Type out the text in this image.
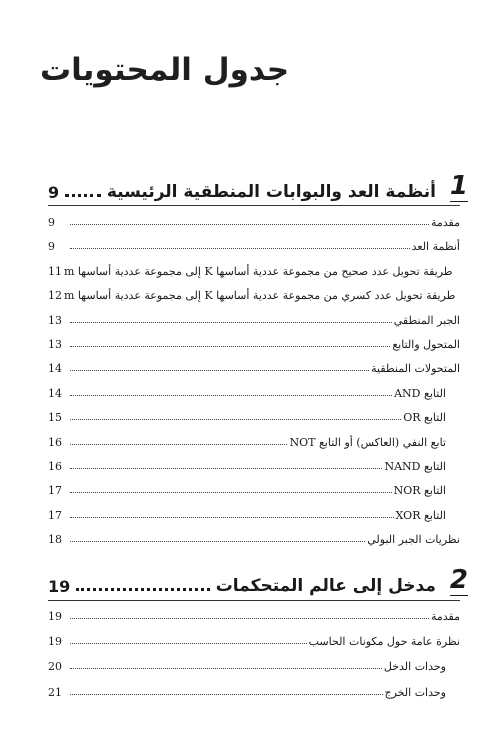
جدول المحتويات
9	أنظمة العد والبوابات المنطقية الرئيسية 1
9	مقدمة
9	أنظمة العد
11 طريقة تحويل عدد صحيح من مجموعة عددية أساسها K إلى مجموعة عددية أساسها m
12 طريقة تحويل عدد كسري من مجموعة عددية أساسها K إلى مجموعة عددية أساسها m
13	الجبر المنطقي
13	المتحول والتابع
14	المتحولات المنطقية
14	التابع AND
15	التابع OR
16	تابع النفي (العاكس) أو التابع NOT
16	التابع NAND
17	التابع NOR
17	التابع XOR
18	نظريات الجبر البولي
19	مدخل إلى عالم المتحكمات 2
19	مقدمة
19	نظرة عامة حول مكونات الحاسب
20	وحدات الدخل
21	وحدات الخرج
